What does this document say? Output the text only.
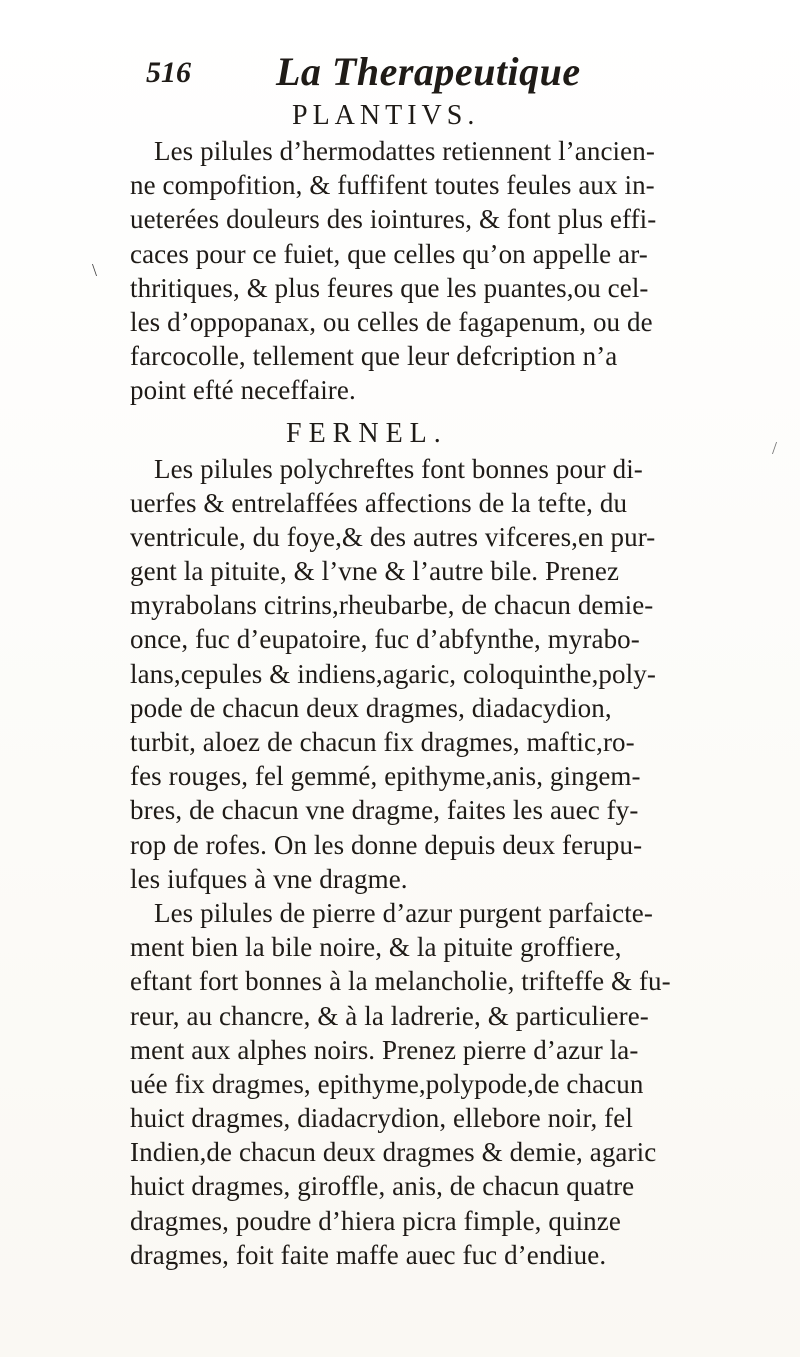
516 La Therapeutique
\
/
PLANTIVS.
Les pilules d’hermodattes retiennent l’ancien-
ne compofition, & fuffifent toutes feules aux in-
ueterées douleurs des iointures, & font plus effi-
caces pour ce fuiet, que celles qu’on appelle ar-
thritiques, & plus feures que les puantes,ou cel-
les d’oppopanax, ou celles de fagapenum, ou de
farcocolle, tellement que leur defcription n’a
point efté neceffaire.
FERNEL.
Les pilules polychreftes font bonnes pour di-
uerfes & entrelaffées affections de la tefte, du
ventricule, du foye,& des autres vifceres,en pur-
gent la pituite, & l’vne & l’autre bile. Prenez
myrabolans citrins,rheubarbe, de chacun demie-
once, fuc d’eupatoire, fuc d’abfynthe, myrabo-
lans,cepules & indiens,agaric, coloquinthe,poly-
pode de chacun deux dragmes, diadacydion,
turbit, aloez de chacun fix dragmes, maftic,ro-
fes rouges, fel gemmé, epithyme,anis, gingem-
bres, de chacun vne dragme, faites les auec fy-
rop de rofes. On les donne depuis deux ferupu-
les iufques à vne dragme.
Les pilules de pierre d’azur purgent parfaicte-
ment bien la bile noire, & la pituite groffiere,
eftant fort bonnes à la melancholie, trifteffe & fu-
reur, au chancre, & à la ladrerie, & particuliere-
ment aux alphes noirs. Prenez pierre d’azur la-
uée fix dragmes, epithyme,polypode,de chacun
huict dragmes, diadacrydion, ellebore noir, fel
Indien,de chacun deux dragmes & demie, agaric
huict dragmes, giroffle, anis, de chacun quatre
dragmes, poudre d’hiera picra fimple, quinze
dragmes, foit faite maffe auec fuc d’endiue.
